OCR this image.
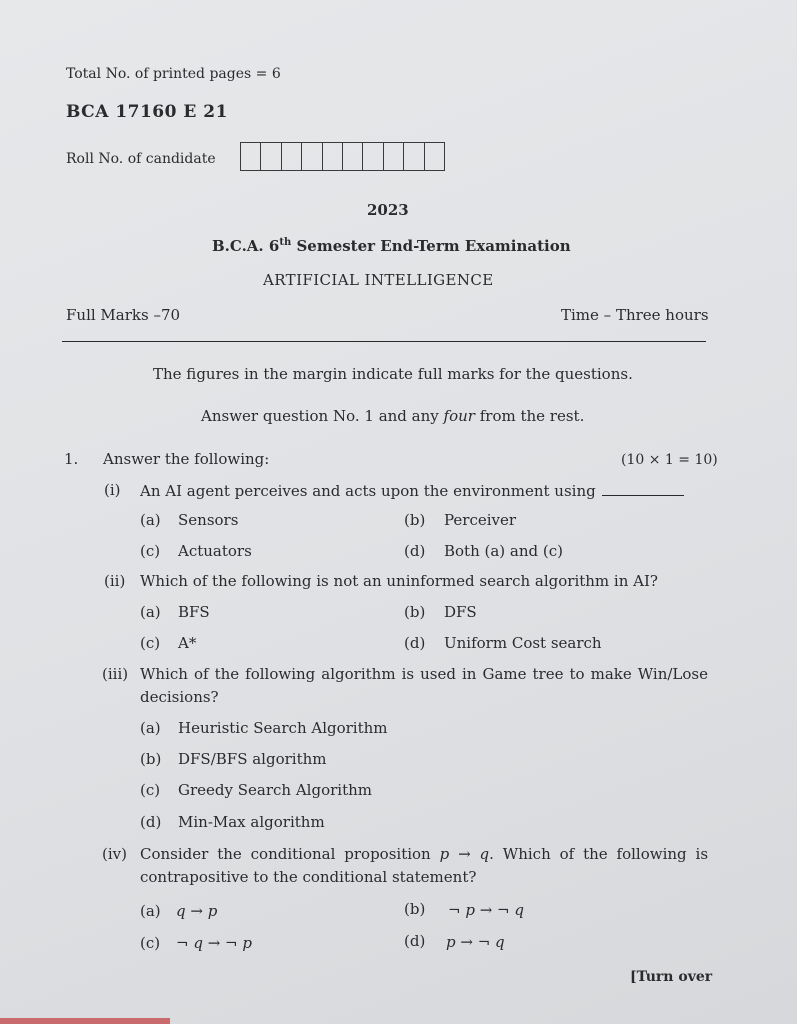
Total No. of printed pages = 6
BCA 17160 E 21
Roll No. of candidate
2023
B.C.A. 6th Semester End-Term Examination
ARTIFICIAL INTELLIGENCE
Full Marks –70	Time – Three hours
The figures in the margin indicate full marks for the questions.
Answer question No. 1 and any four from the rest.
1. Answer the following:	(10 × 1 = 10)
(i) An AI agent perceives and acts upon the environment using
(a) Sensors	(b) Perceiver
(c) Actuators	(d) Both (a) and (c)
(ii) Which of the following is not an uninformed search algorithm in AI?
(a) BFS	(b) DFS
(c) A*	(d) Uniform Cost search
(iii) Which of the following algorithm is used in Game tree to make Win/Lose
decisions?
(a) Heuristic Search Algorithm
(b) DFS/BFS algorithm
(c) Greedy Search Algorithm
(d) Min-Max algorithm
(iv) Consider the conditional proposition p → q. Which of the following is
contrapositive to the conditional statement?
(a) q → p	(b) ¬ p → ¬ q
(c) ¬ q → ¬ p	(d) p → ¬ q
[Turn over
